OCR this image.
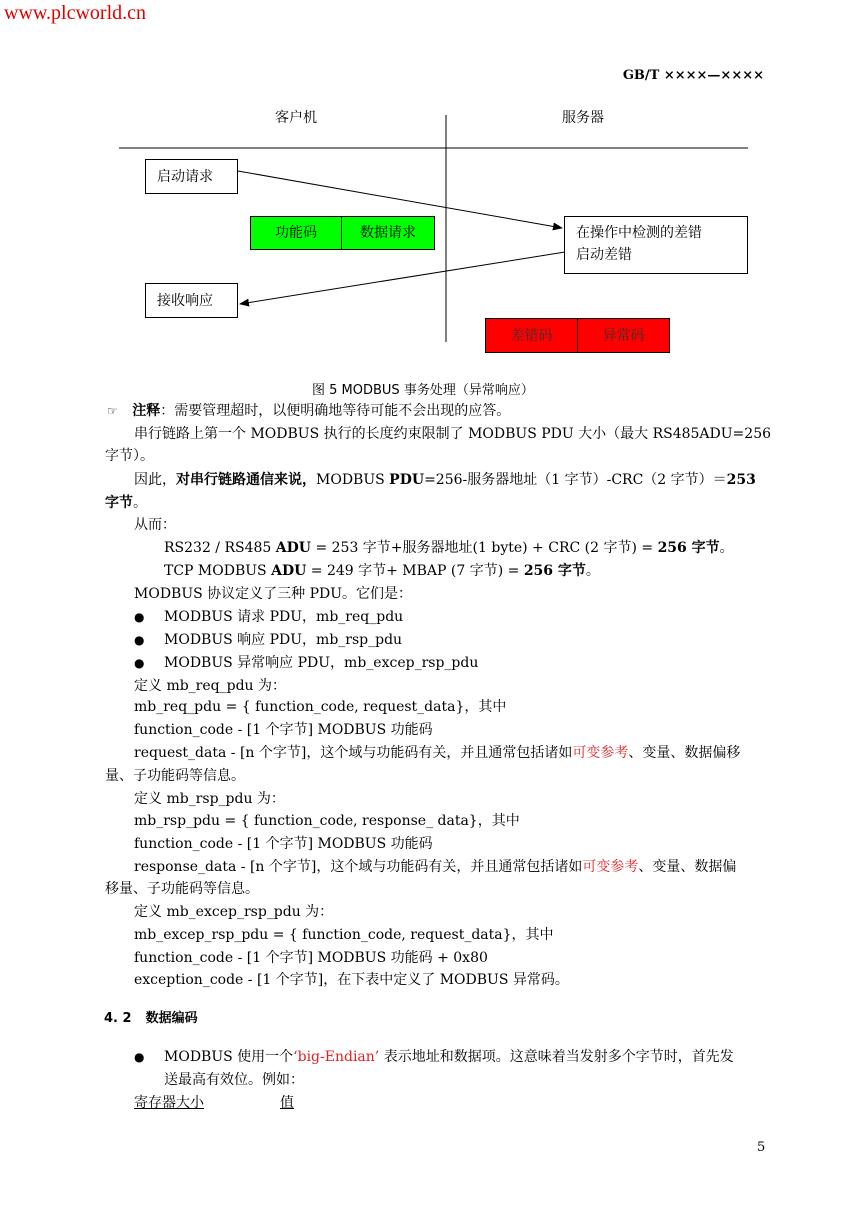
www.plcworld.cn
GB/T ××××—××××
客户机	服务器
启动请求
功能码	数据请求	在操作中检测的差错
启动差错
接收响应
差错码	异常码
图 5 MODBUS 事务处理（异常响应）
☞ 注释：需要管理超时，以便明确地等待可能不会出现的应答。
串行链路上第一个 MODBUS 执行的长度约束限制了 MODBUS PDU 大小（最大 RS485ADU=256
字节）。
因此，对串行链路通信来说，MODBUS PDU=256-服务器地址（1 字节）-CRC（2 字节）＝253
字节。
从而：
RS232 / RS485 ADU = 253 字节+服务器地址(1 byte) + CRC (2 字节) = 256 字节。
TCP MODBUS ADU = 249 字节+ MBAP (7 字节) = 256 字节。
MODBUS 协议定义了三种 PDU。它们是：
● MODBUS 请求 PDU，mb_req_pdu
● MODBUS 响应 PDU，mb_rsp_pdu
● MODBUS 异常响应 PDU，mb_excep_rsp_pdu
定义 mb_req_pdu 为：
mb_req_pdu = { function_code, request_data}，其中
function_code - [1 个字节] MODBUS 功能码
request_data - [n 个字节]，这个域与功能码有关，并且通常包括诸如可变参考、变量、数据偏移
量、子功能码等信息。
定义 mb_rsp_pdu 为：
mb_rsp_pdu = { function_code, response_ data}，其中
function_code - [1 个字节] MODBUS 功能码
response_data - [n 个字节]，这个域与功能码有关，并且通常包括诸如可变参考、变量、数据偏
移量、子功能码等信息。
定义 mb_excep_rsp_pdu 为：
mb_excep_rsp_pdu = { function_code, request_data}，其中
function_code - [1 个字节] MODBUS 功能码 + 0x80
exception_code - [1 个字节]，在下表中定义了 MODBUS 异常码。
4. 2 数据编码
● MODBUS 使用一个‘big-Endian’ 表示地址和数据项。这意味着当发射多个字节时，首先发
送最高有效位。例如：
寄存器大小	值
5
